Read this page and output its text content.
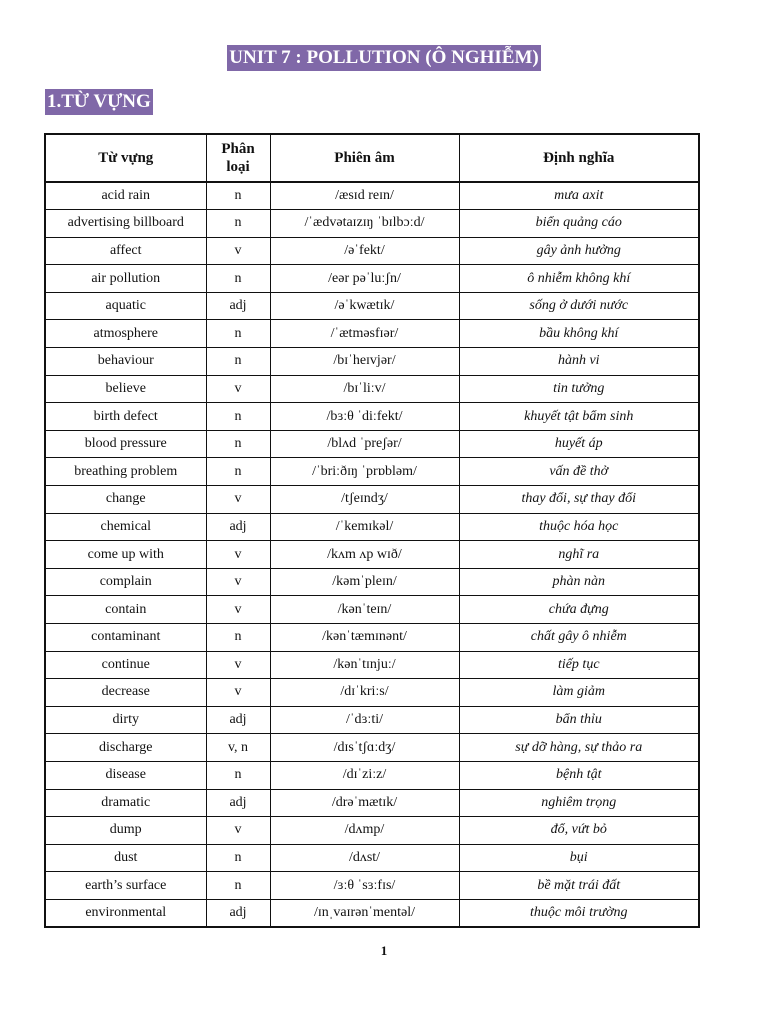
UNIT 7 : POLLUTION (Ô NGHIỄM)
1.TỪ VỰNG
Từ vựng	Phân loại	Phiên âm	Định nghĩa
acid rain	n	/æsɪd reɪn/	mưa axit
advertising billboard	n	/ˈædvətaɪzɪŋ ˈbɪlbɔːd/	biển quảng cáo
affect	v	/əˈfekt/	gây ảnh hưởng
air pollution	n	/eər pəˈluːʃn/	ô nhiễm không khí
aquatic	adj	/əˈkwætɪk/	sống ở dưới nước
atmosphere	n	/ˈætməsfɪər/	bầu không khí
behaviour	n	/bɪˈheɪvjər/	hành vi
believe	v	/bɪˈliːv/	tin tưởng
birth defect	n	/bɜːθ ˈdiːfekt/	khuyết tật bẩm sinh
blood pressure	n	/blʌd ˈpreʃər/	huyết áp
breathing problem	n	/ˈbriːðɪŋ ˈprɒbləm/	vấn đề thở
change	v	/tʃeɪndʒ/	thay đổi, sự thay đổi
chemical	adj	/ˈkemɪkəl/	thuộc hóa học
come up with	v	/kʌm ʌp wɪð/	nghĩ ra
complain	v	/kəmˈpleɪn/	phàn nàn
contain	v	/kənˈteɪn/	chứa đựng
contaminant	n	/kənˈtæmɪnənt/	chất gây ô nhiễm
continue	v	/kənˈtɪnjuː/	tiếp tục
decrease	v	/dɪˈkriːs/	làm giảm
dirty	adj	/ˈdɜːti/	bẩn thỉu
discharge	v, n	/dɪsˈtʃɑːdʒ/	sự dỡ hàng, sự thảo ra
disease	n	/dɪˈziːz/	bệnh tật
dramatic	adj	/drəˈmætɪk/	nghiêm trọng
dump	v	/dʌmp/	đổ, vứt bỏ
dust	n	/dʌst/	bụi
earth’s surface	n	/ɜːθ ˈsɜːfɪs/	bề mặt trái đất
environmental	adj	/ɪnˌvaɪrənˈmentəl/	thuộc môi trường
1
